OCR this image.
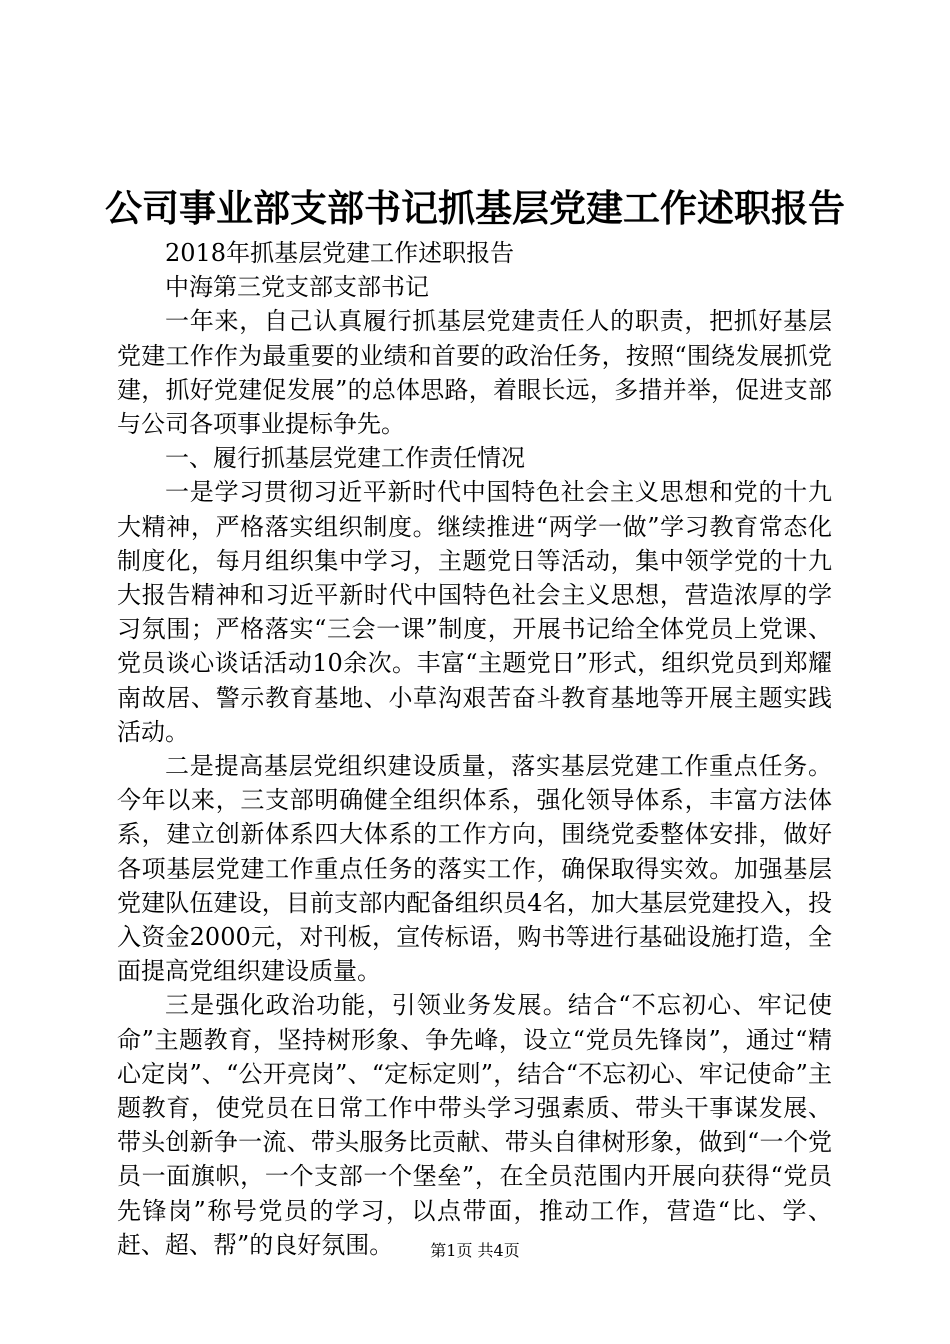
公司事业部支部书记抓基层党建工作述职报告

2018年抓基层党建工作述职报告

中海第三党支部支部书记

一年来，自己认真履行抓基层党建责任人的职责，把抓好基层党建工作作为最重要的业绩和首要的政治任务，按照“围绕发展抓党建，抓好党建促发展”的总体思路，着眼长远，多措并举，促进支部与公司各项事业提标争先。

一、履行抓基层党建工作责任情况

一是学习贯彻习近平新时代中国特色社会主义思想和党的十九大精神，严格落实组织制度。继续推进“两学一做”学习教育常态化制度化，每月组织集中学习，主题党日等活动，集中领学党的十九大报告精神和习近平新时代中国特色社会主义思想，营造浓厚的学习氛围；严格落实“三会一课”制度，开展书记给全体党员上党课、党员谈心谈话活动10余次。丰富“主题党日”形式，组织党员到郑耀南故居、警示教育基地、小草沟艰苦奋斗教育基地等开展主题实践活动。

二是提高基层党组织建设质量，落实基层党建工作重点任务。今年以来，三支部明确健全组织体系，强化领导体系，丰富方法体系，建立创新体系四大体系的工作方向，围绕党委整体安排，做好各项基层党建工作重点任务的落实工作，确保取得实效。加强基层党建队伍建设，目前支部内配备组织员4名，加大基层党建投入，投入资金2000元，对刊板，宣传标语，购书等进行基础设施打造，全面提高党组织建设质量。

三是强化政治功能，引领业务发展。结合“不忘初心、牢记使命”主题教育，坚持树形象、争先峰，设立“党员先锋岗”，通过“精心定岗”、“公开亮岗”、“定标定则”，结合“不忘初心、牢记使命”主题教育，使党员在日常工作中带头学习强素质、带头干事谋发展、带头创新争一流、带头服务比贡献、带头自律树形象，做到“一个党员一面旗帜，一个支部一个堡垒”，在全员范围内开展向获得“党员先锋岗”称号党员的学习，以点带面，推动工作，营造“比、学、赶、超、帮”的良好氛围。	第1页 共4页
